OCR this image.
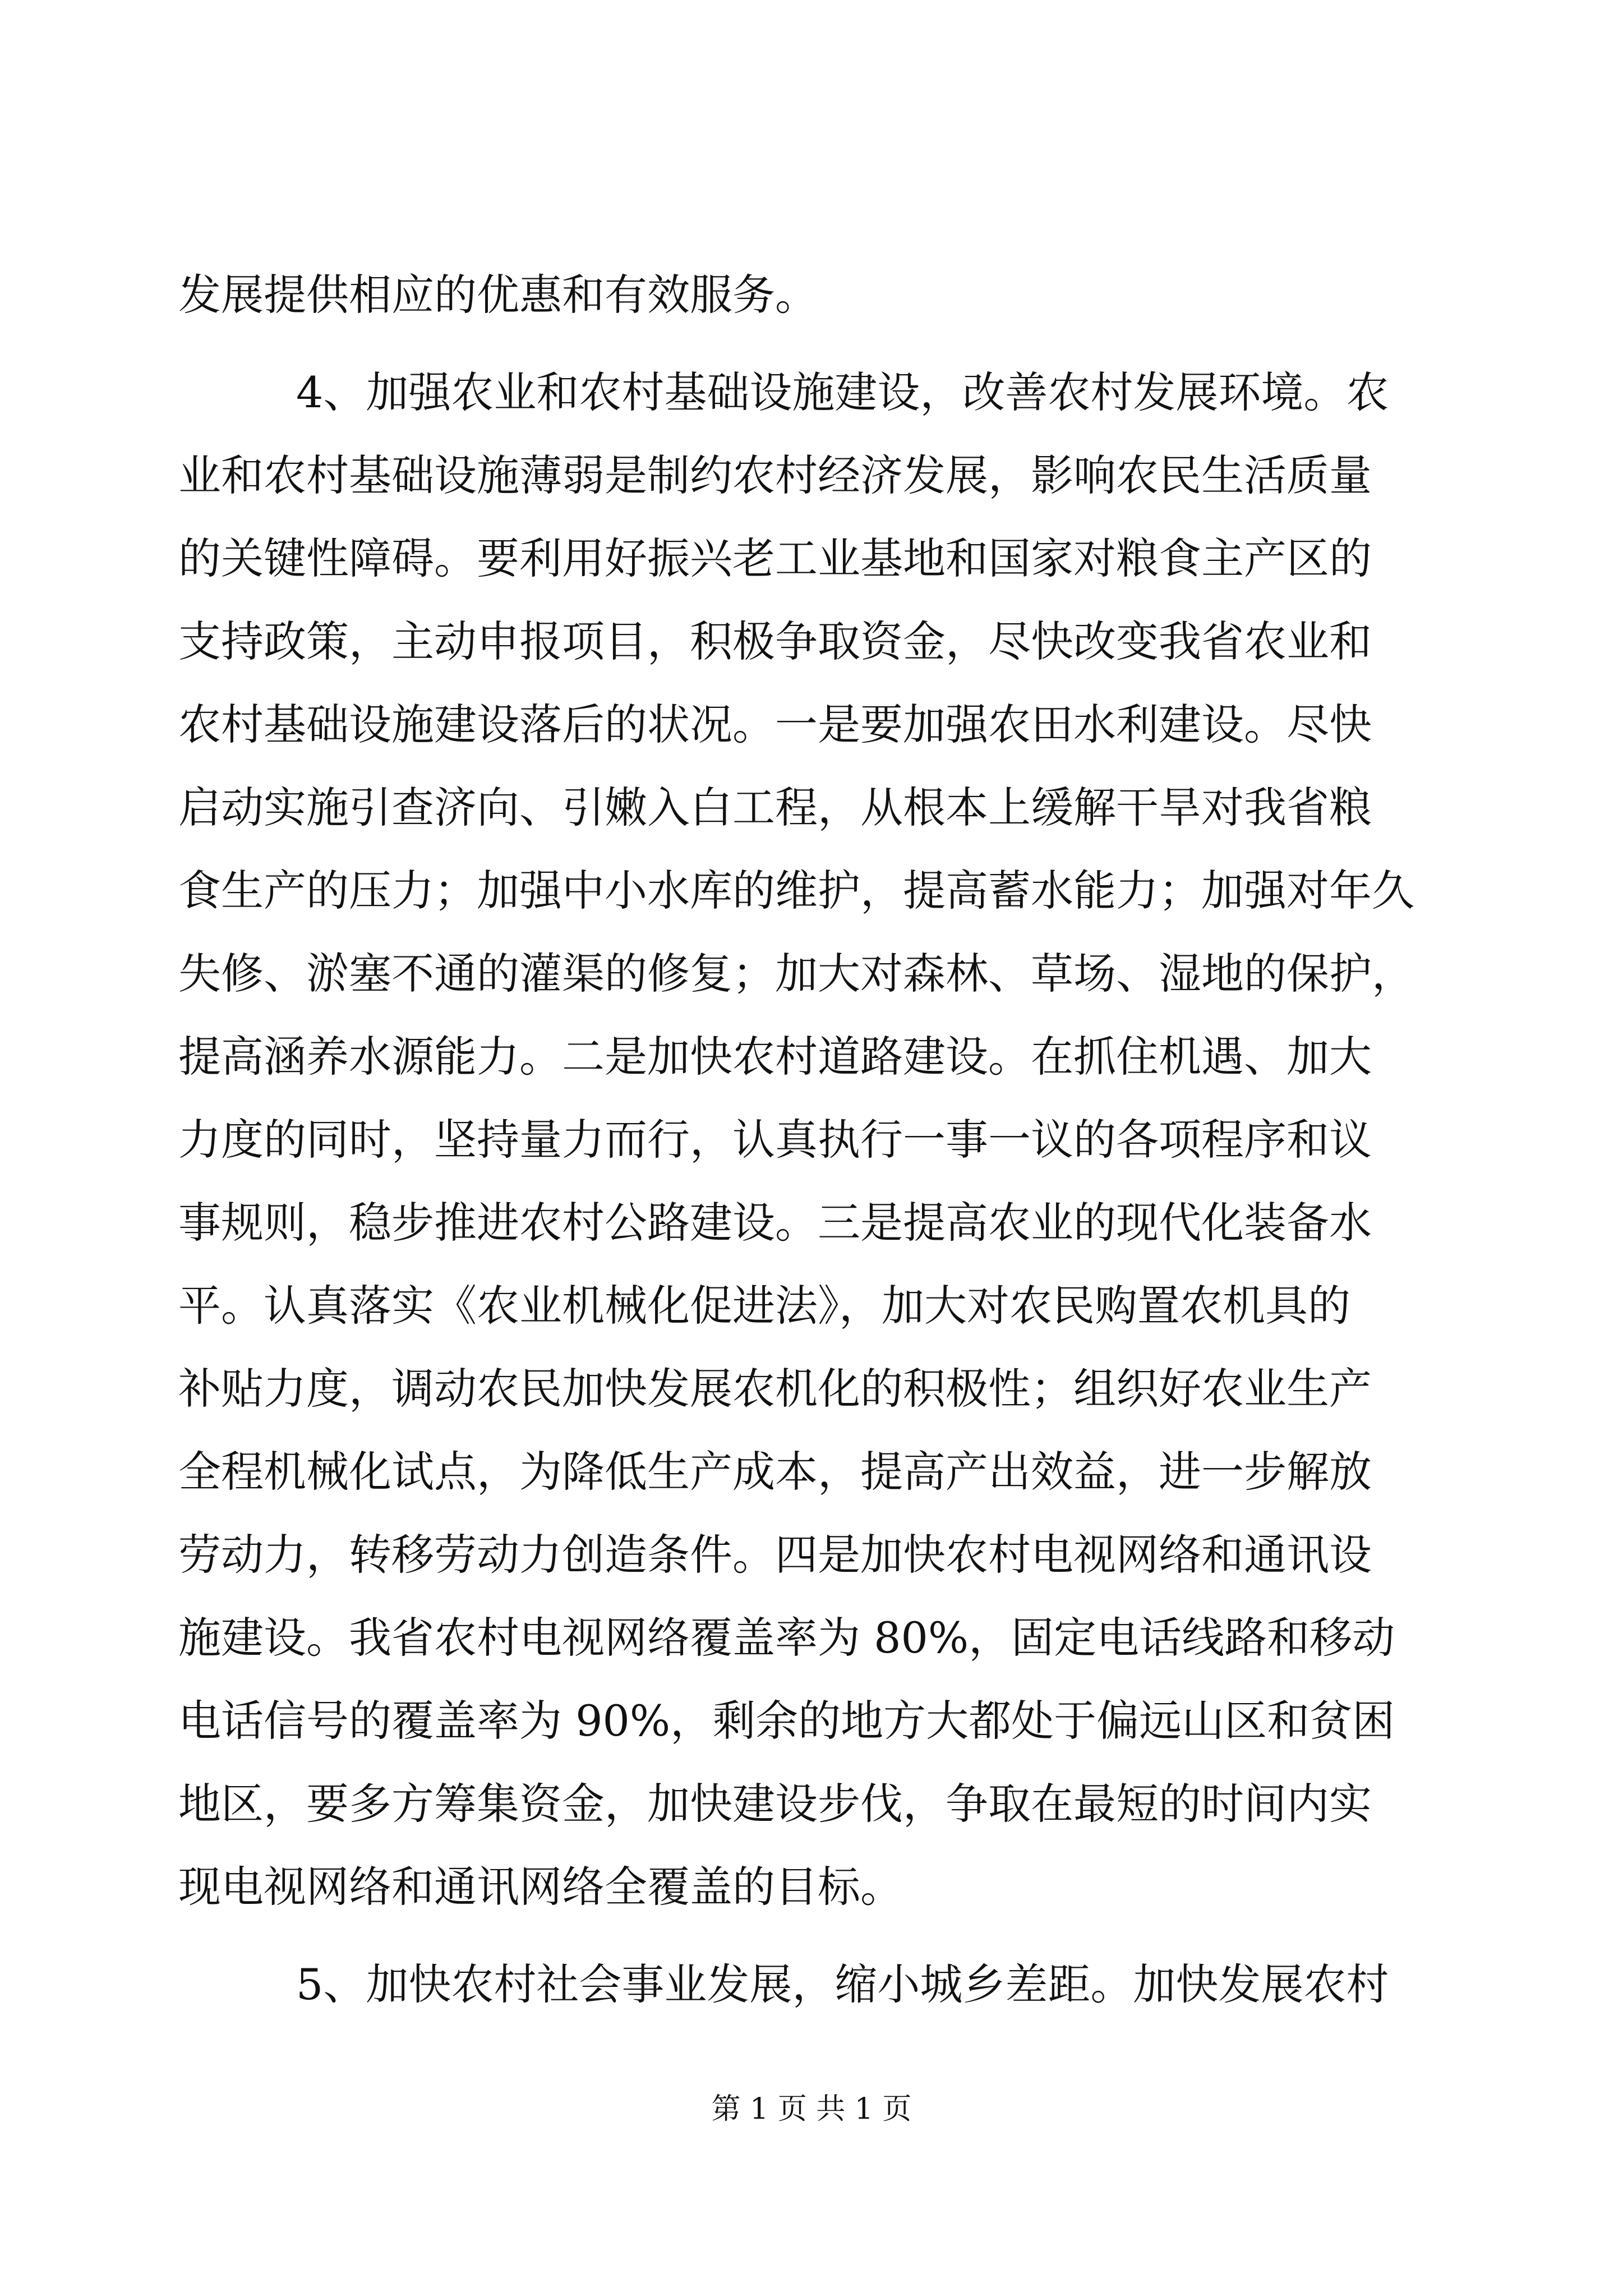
发展提供相应的优惠和有效服务。
4、加强农业和农村基础设施建设，改善农村发展环境。农
业和农村基础设施薄弱是制约农村经济发展，影响农民生活质量
的关键性障碍。要利用好振兴老工业基地和国家对粮食主产区的
支持政策，主动申报项目，积极争取资金，尽快改变我省农业和
农村基础设施建设落后的状况。一是要加强农田水利建设。尽快
启动实施引查济向、引嫩入白工程，从根本上缓解干旱对我省粮
食生产的压力；加强中小水库的维护，提高蓄水能力；加强对年久
失修、淤塞不通的灌渠的修复；加大对森林、草场、湿地的保护，
提高涵养水源能力。二是加快农村道路建设。在抓住机遇、加大
力度的同时，坚持量力而行，认真执行一事一议的各项程序和议
事规则，稳步推进农村公路建设。三是提高农业的现代化装备水
平。认真落实《农业机械化促进法》，加大对农民购置农机具的
补贴力度，调动农民加快发展农机化的积极性；组织好农业生产
全程机械化试点，为降低生产成本，提高产出效益，进一步解放
劳动力，转移劳动力创造条件。四是加快农村电视网络和通讯设
施建设。我省农村电视网络覆盖率为 80%，固定电话线路和移动
电话信号的覆盖率为 90%，剩余的地方大都处于偏远山区和贫困
地区，要多方筹集资金，加快建设步伐，争取在最短的时间内实
现电视网络和通讯网络全覆盖的目标。
5、加快农村社会事业发展，缩小城乡差距。加快发展农村
第 1 页 共 1 页
